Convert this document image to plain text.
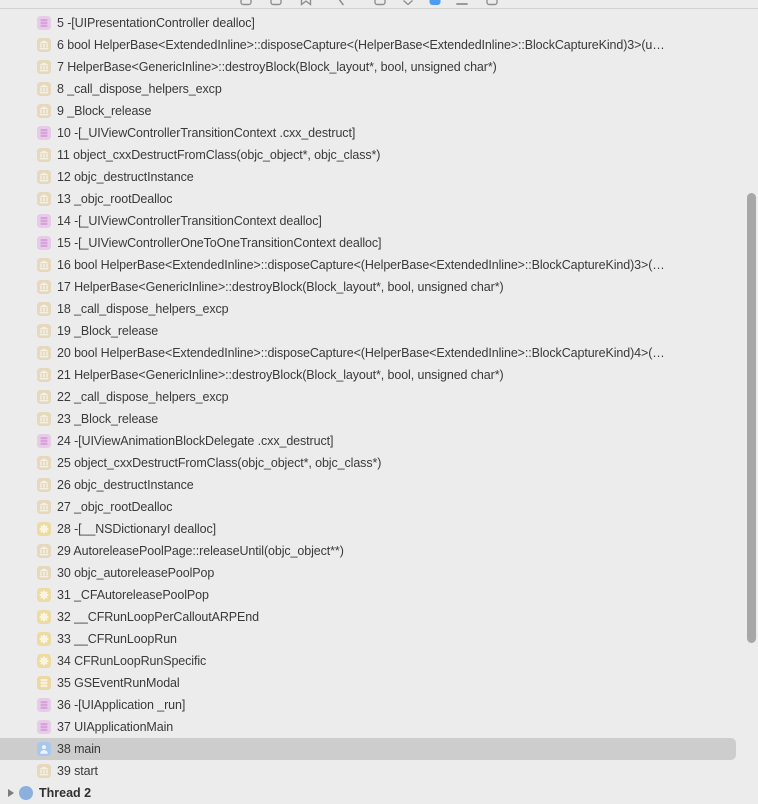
5 -[UIPresentationController dealloc]
6 bool HelperBase<ExtendedInline>::disposeCapture<(HelperBase<ExtendedInline>::BlockCaptureKind)3>(u…
7 HelperBase<GenericInline>::destroyBlock(Block_layout*, bool, unsigned char*)
8 _call_dispose_helpers_excp
9 _Block_release
10 -[_UIViewControllerTransitionContext .cxx_destruct]
11 object_cxxDestructFromClass(objc_object*, objc_class*)
12 objc_destructInstance
13 _objc_rootDealloc
14 -[_UIViewControllerTransitionContext dealloc]
15 -[_UIViewControllerOneToOneTransitionContext dealloc]
16 bool HelperBase<ExtendedInline>::disposeCapture<(HelperBase<ExtendedInline>::BlockCaptureKind)3>(…
17 HelperBase<GenericInline>::destroyBlock(Block_layout*, bool, unsigned char*)
18 _call_dispose_helpers_excp
19 _Block_release
20 bool HelperBase<ExtendedInline>::disposeCapture<(HelperBase<ExtendedInline>::BlockCaptureKind)4>(…
21 HelperBase<GenericInline>::destroyBlock(Block_layout*, bool, unsigned char*)
22 _call_dispose_helpers_excp
23 _Block_release
24 -[UIViewAnimationBlockDelegate .cxx_destruct]
25 object_cxxDestructFromClass(objc_object*, objc_class*)
26 objc_destructInstance
27 _objc_rootDealloc
28 -[__NSDictionaryI dealloc]
29 AutoreleasePoolPage::releaseUntil(objc_object**)
30 objc_autoreleasePoolPop
31 _CFAutoreleasePoolPop
32 __CFRunLoopPerCalloutARPEnd
33 __CFRunLoopRun
34 CFRunLoopRunSpecific
35 GSEventRunModal
36 -[UIApplication _run]
37 UIApplicationMain
38 main
39 start
Thread 2
